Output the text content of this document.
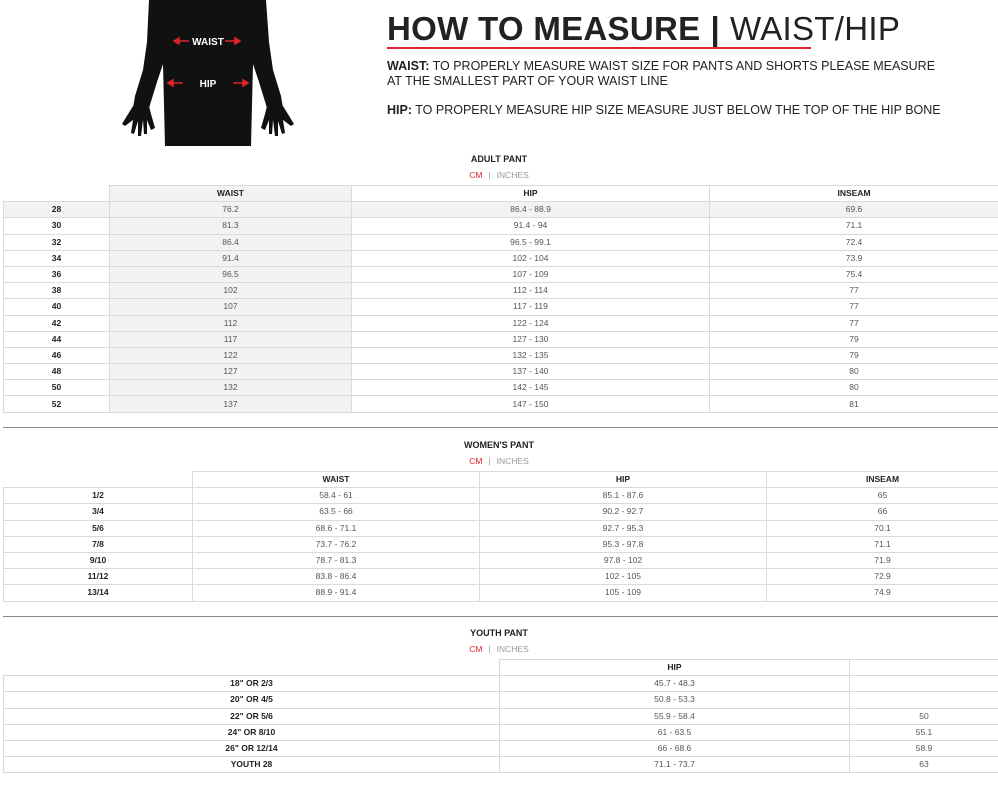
WAIST
HIP
HOW TO MEASURE | WAIST/HIP
WAIST: TO PROPERLY MEASURE WAIST SIZE FOR PANTS AND SHORTS PLEASE MEASURE AT THE SMALLEST PART OF YOUR WAIST LINE
HIP: TO PROPERLY MEASURE HIP SIZE MEASURE JUST BELOW THE TOP OF THE HIP BONE
ADULT PANT
CM | INCHES
	WAIST	HIP	INSEAM
28	76.2	86.4 - 88.9	69.6
30	81.3	91.4 - 94	71.1
32	86.4	96.5 - 99.1	72.4
34	91.4	102 - 104	73.9
36	96.5	107 - 109	75.4
38	102	112 - 114	77
40	107	117 - 119	77
42	112	122 - 124	77
44	117	127 - 130	79
46	122	132 - 135	79
48	127	137 - 140	80
50	132	142 - 145	80
52	137	147 - 150	81
WOMEN'S PANT
CM | INCHES
	WAIST	HIP	INSEAM
1/2	58.4 - 61	85.1 - 87.6	65
3/4	63.5 - 66	90.2 - 92.7	66
5/6	68.6 - 71.1	92.7 - 95.3	70.1
7/8	73.7 - 76.2	95.3 - 97.8	71.1
9/10	78.7 - 81.3	97.8 - 102	71.9
11/12	83.8 - 86.4	102 - 105	72.9
13/14	88.9 - 91.4	105 - 109	74.9
YOUTH PANT
CM | INCHES
	HIP	
18" OR 2/3	45.7 - 48.3	
20" OR 4/5	50.8 - 53.3	
22" OR 5/6	55.9 - 58.4	50
24" OR 8/10	61 - 63.5	55.1
26" OR 12/14	66 - 68.6	58.9
YOUTH 28	71.1 - 73.7	63
